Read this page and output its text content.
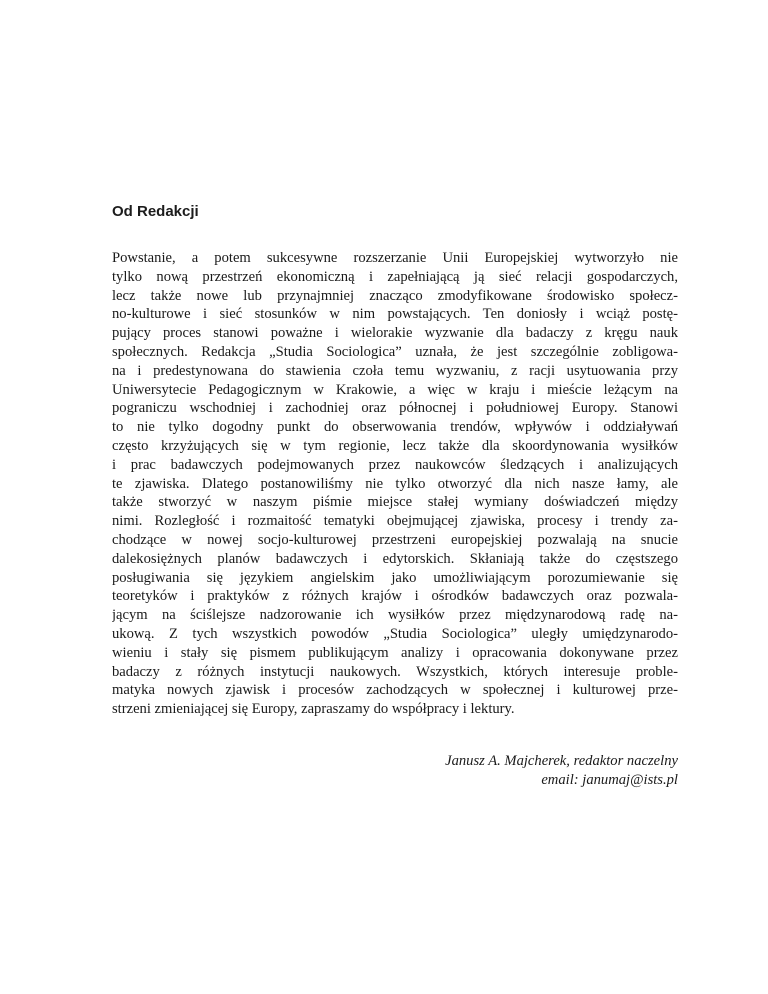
Od Redakcji
Powstanie, a potem sukcesywne rozszerzanie Unii Europejskiej wytworzyło nie
tylko nową przestrzeń ekonomiczną i zapełniającą ją sieć relacji gospodarczych,
lecz także nowe lub przynajmniej znacząco zmodyfikowane środowisko społecz-
no-kulturowe i sieć stosunków w nim powstających. Ten doniosły i wciąż postę-
pujący proces stanowi poważne i wielorakie wyzwanie dla badaczy z kręgu nauk
społecznych. Redakcja „Studia Sociologica” uznała, że jest szczególnie zobligowa-
na i predestynowana do stawienia czoła temu wyzwaniu, z racji usytuowania przy
Uniwersytecie Pedagogicznym w Krakowie, a więc w kraju i mieście leżącym na
pograniczu wschodniej i zachodniej oraz północnej i południowej Europy. Stanowi
to nie tylko dogodny punkt do obserwowania trendów, wpływów i oddziaływań
często krzyżujących się w tym regionie, lecz także dla skoordynowania wysiłków
i prac badawczych podejmowanych przez naukowców śledzących i analizujących
te zjawiska. Dlatego postanowiliśmy nie tylko otworzyć dla nich nasze łamy, ale
także stworzyć w naszym piśmie miejsce stałej wymiany doświadczeń między
nimi. Rozległość i rozmaitość tematyki obejmującej zjawiska, procesy i trendy za-
chodzące w nowej socjo-kulturowej przestrzeni europejskiej pozwalają na snucie
dalekosiężnych planów badawczych i edytorskich. Skłaniają także do częstszego
posługiwania się językiem angielskim jako umożliwiającym porozumiewanie się
teoretyków i praktyków z różnych krajów i ośrodków badawczych oraz pozwala-
jącym na ściślejsze nadzorowanie ich wysiłków przez międzynarodową radę na-
ukową. Z tych wszystkich powodów „Studia Sociologica” uległy umiędzynarodo-
wieniu i stały się pismem publikującym analizy i opracowania dokonywane przez
badaczy z różnych instytucji naukowych. Wszystkich, których interesuje proble-
matyka nowych zjawisk i procesów zachodzących w społecznej i kulturowej prze-
strzeni zmieniającej się Europy, zapraszamy do współpracy i lektury.
Janusz A. Majcherek, redaktor naczelny
email: janumaj@ists.pl
